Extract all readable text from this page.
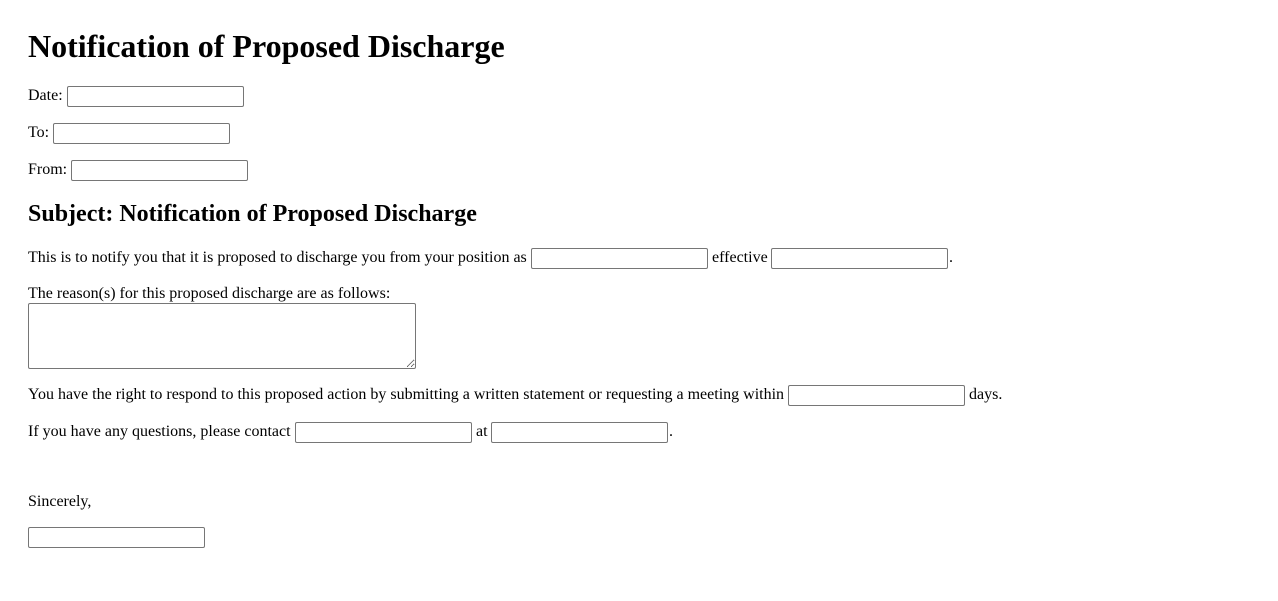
Notification of Proposed Discharge
Date:
To:
From:
Subject: Notification of Proposed Discharge
This is to notify you that it is proposed to discharge you from your position as	effective	.
The reason(s) for this proposed discharge are as follows:
You have the right to respond to this proposed action by submitting a written statement or requesting a meeting within	days.
If you have any questions, please contact	at	.
Sincerely,
